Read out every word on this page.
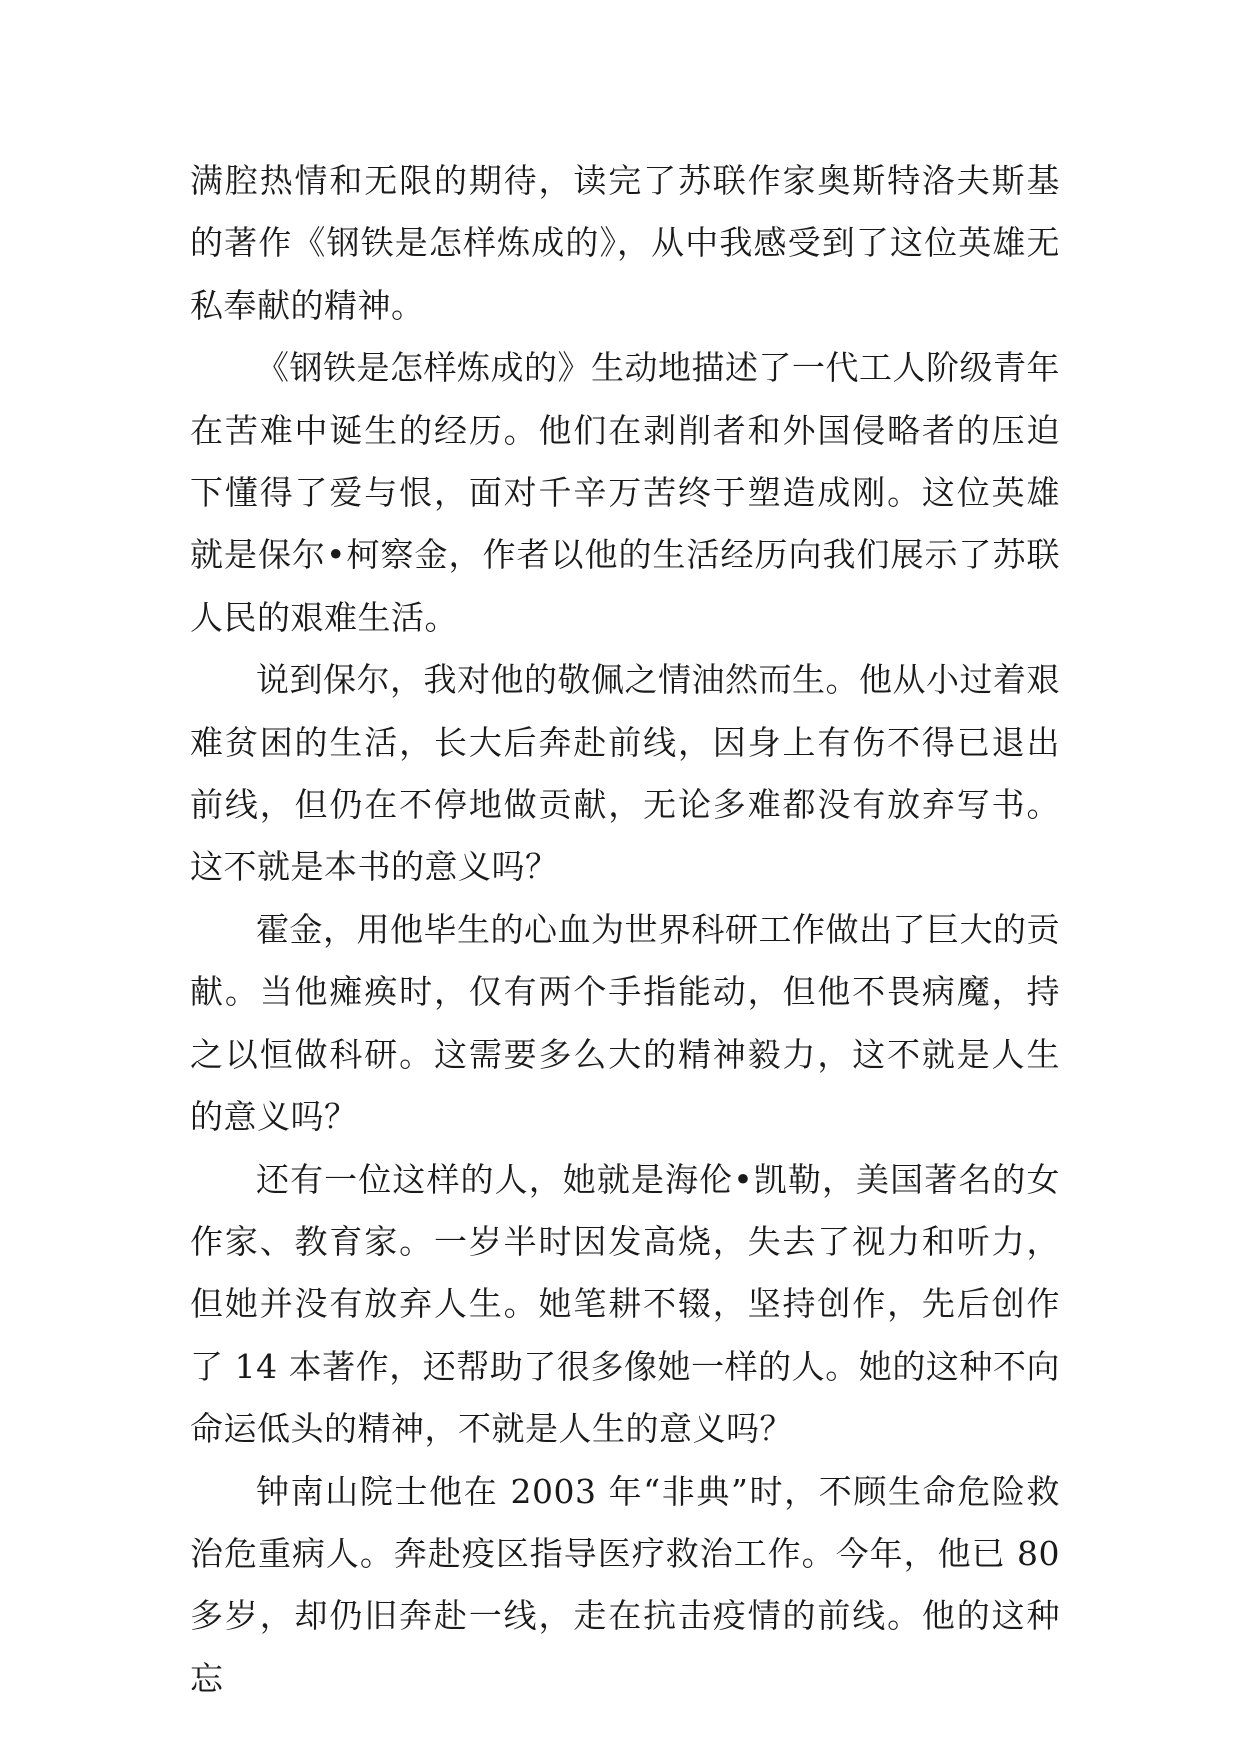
满腔热情和无限的期待，读完了苏联作家奥斯特洛夫斯基的著作《钢铁是怎样炼成的》，从中我感受到了这位英雄无私奉献的精神。

《钢铁是怎样炼成的》生动地描述了一代工人阶级青年在苦难中诞生的经历。他们在剥削者和外国侵略者的压迫下懂得了爱与恨，面对千辛万苦终于塑造成刚。这位英雄就是保尔•柯察金，作者以他的生活经历向我们展示了苏联人民的艰难生活。

说到保尔，我对他的敬佩之情油然而生。他从小过着艰难贫困的生活，长大后奔赴前线，因身上有伤不得已退出前线，但仍在不停地做贡献，无论多难都没有放弃写书。这不就是本书的意义吗？

霍金，用他毕生的心血为世界科研工作做出了巨大的贡献。当他瘫痪时，仅有两个手指能动，但他不畏病魔，持之以恒做科研。这需要多么大的精神毅力，这不就是人生的意义吗？

还有一位这样的人，她就是海伦•凯勒，美国著名的女作家、教育家。一岁半时因发高烧，失去了视力和听力，但她并没有放弃人生。她笔耕不辍，坚持创作，先后创作了 14 本著作，还帮助了很多像她一样的人。她的这种不向命运低头的精神，不就是人生的意义吗？

钟南山院士他在 2003 年“非典”时，不顾生命危险救治危重病人。奔赴疫区指导医疗救治工作。今年，他已 80 多岁，却仍旧奔赴一线，走在抗击疫情的前线。他的这种忘
